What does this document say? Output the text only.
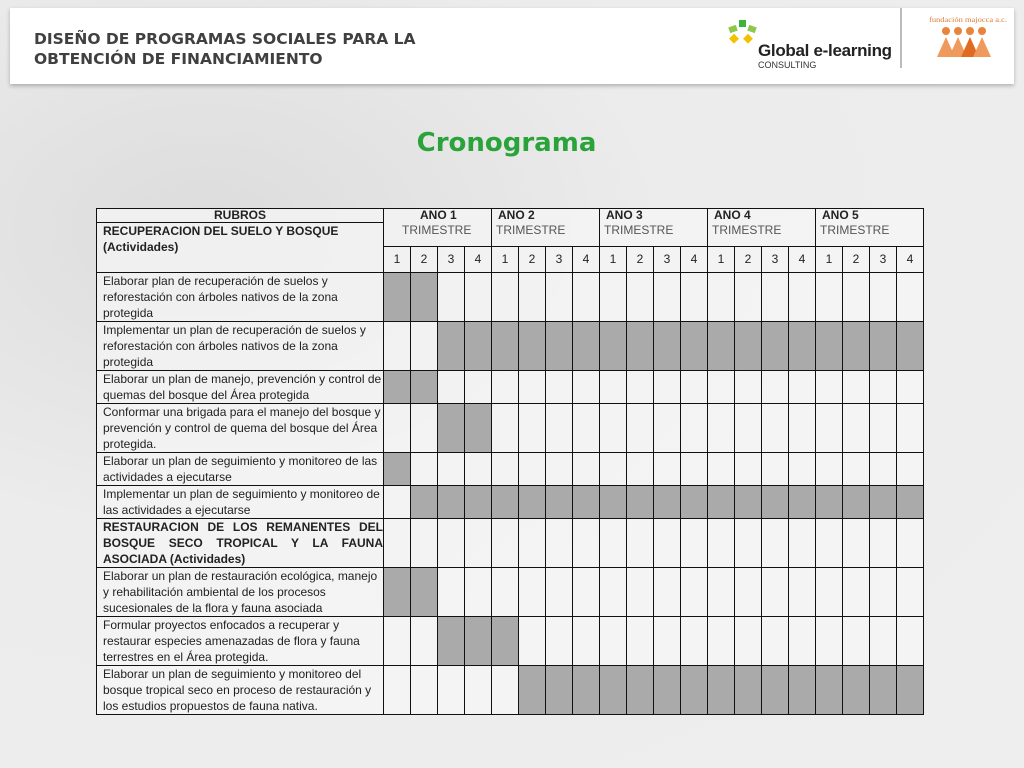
DISEÑO DE PROGRAMAS SOCIALES PARA LA
OBTENCIÓN DE FINANCIAMIENTO	Global e-learning
CONSULTING
fundación majocca a.c.
Cronograma
RUBROS	ANO 1				ANO 2				ANO 3				ANO 4				ANO 5			
RECUPERACION DEL SUELO Y BOSQUE (Actividades)	TRIMESTRE				TRIMESTRE				TRIMESTRE				TRIMESTRE				TRIMESTRE			
	1	2	3	4	1	2	3	4	1	2	3	4	1	2	3	4	1	2	3	4
Elaborar plan de recuperación de suelos y reforestación con árboles nativos de la zona protegida																				
Implementar un plan de recuperación de suelos y reforestación con árboles nativos de la zona protegida																				
Elaborar un plan de manejo, prevención y control de quemas del bosque del Área protegida																				
Conformar una brigada para el manejo del bosque y prevención y control de quema del bosque del Área protegida.																				
Elaborar un plan de seguimiento y monitoreo de las actividades a ejecutarse																				
Implementar un plan de seguimiento y monitoreo de las actividades a ejecutarse																				
RESTAURACION DE LOS REMANENTES DEL BOSQUE SECO TROPICAL Y LA FAUNA ASOCIADA (Actividades)																				
Elaborar un plan de restauración ecológica, manejo y rehabilitación ambiental de los procesos sucesionales de la flora y fauna asociada																				
Formular proyectos enfocados a recuperar y restaurar especies amenazadas de flora y fauna terrestres en el Área protegida.																				
Elaborar un plan de seguimiento y monitoreo del bosque tropical seco en proceso de restauración y los estudios propuestos de fauna nativa.																				
